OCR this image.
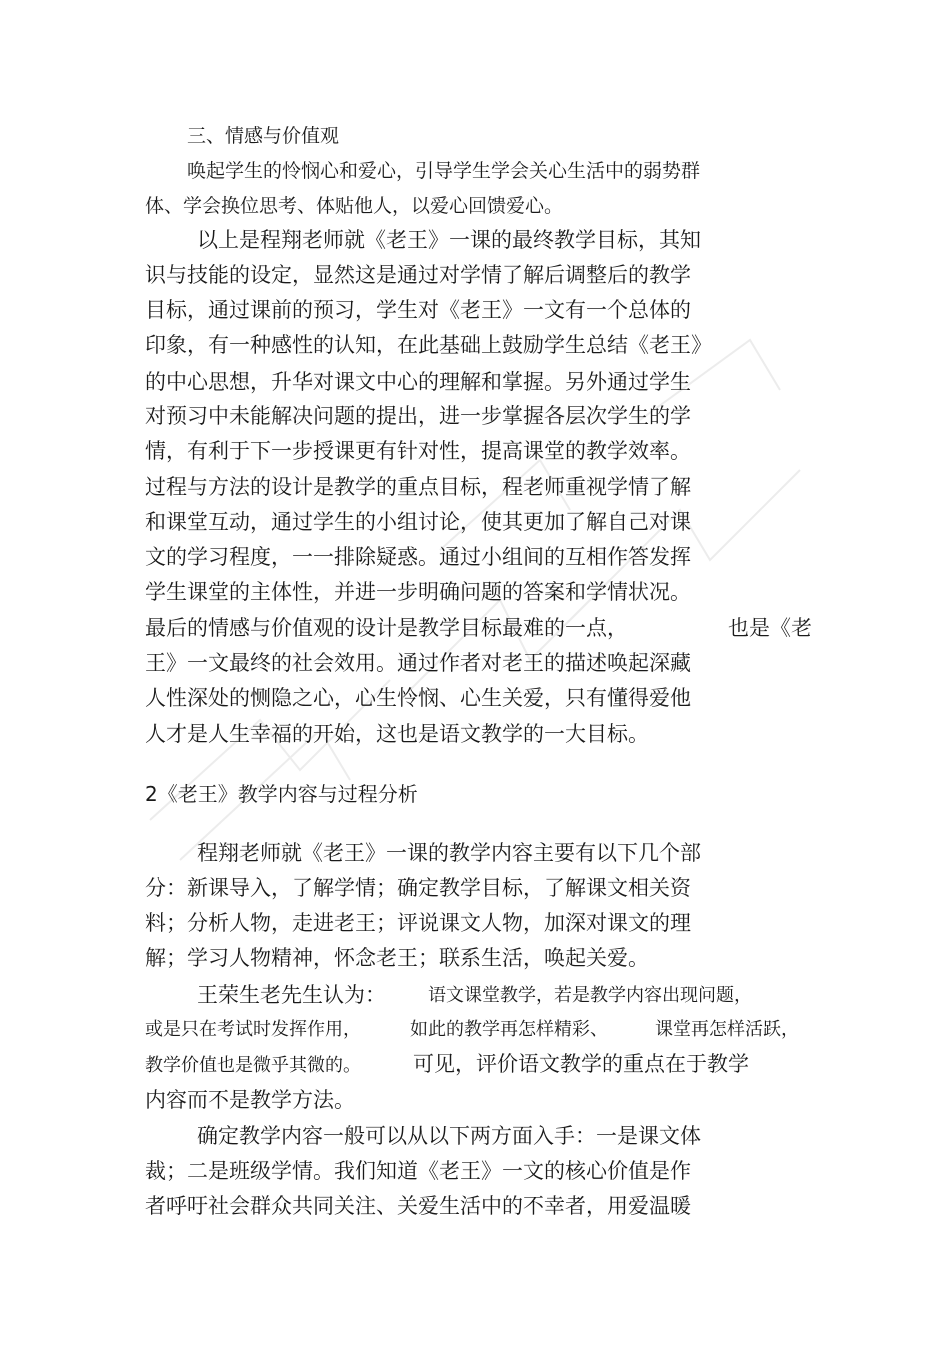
三、情感与价值观
唤起学生的怜悯心和爱心，引导学生学会关心生活中的弱势群
体、学会换位思考、体贴他人，以爱心回馈爱心。
以上是程翔老师就《老王》一课的最终教学目标，其知
识与技能的设定，显然这是通过对学情了解后调整后的教学
目标，通过课前的预习，学生对《老王》一文有一个总体的
印象，有一种感性的认知，在此基础上鼓励学生总结《老王》
的中心思想，升华对课文中心的理解和掌握。另外通过学生
对预习中未能解决问题的提出，进一步掌握各层次学生的学
情，有利于下一步授课更有针对性，提高课堂的教学效率。
过程与方法的设计是教学的重点目标，程老师重视学情了解
和课堂互动，通过学生的小组讨论，使其更加了解自己对课
文的学习程度，一一排除疑惑。通过小组间的互相作答发挥
学生课堂的主体性，并进一步明确问题的答案和学情状况。
最后的情感与价值观的设计是教学目标最难的一点，	也是《老
王》一文最终的社会效用。通过作者对老王的描述唤起深藏
人性深处的恻隐之心，心生怜悯、心生关爱，只有懂得爱他
人才是人生幸福的开始，这也是语文教学的一大目标。
2《老王》教学内容与过程分析
程翔老师就《老王》一课的教学内容主要有以下几个部
分：新课导入，了解学情；确定教学目标，了解课文相关资
料；分析人物，走进老王；评说课文人物，加深对课文的理
解；学习人物精神，怀念老王；联系生活，唤起关爱。
王荣生老先生认为： 语文课堂教学，若是教学内容出现问题，
或是只在考试时发挥作用，	如此的教学再怎样精彩、	课堂再怎样活跃，
教学价值也是微乎其微的。 可见，评价语文教学的重点在于教学
内容而不是教学方法。
确定教学内容一般可以从以下两方面入手：一是课文体
裁；二是班级学情。我们知道《老王》一文的核心价值是作
者呼吁社会群众共同关注、关爱生活中的不幸者，用爱温暖
